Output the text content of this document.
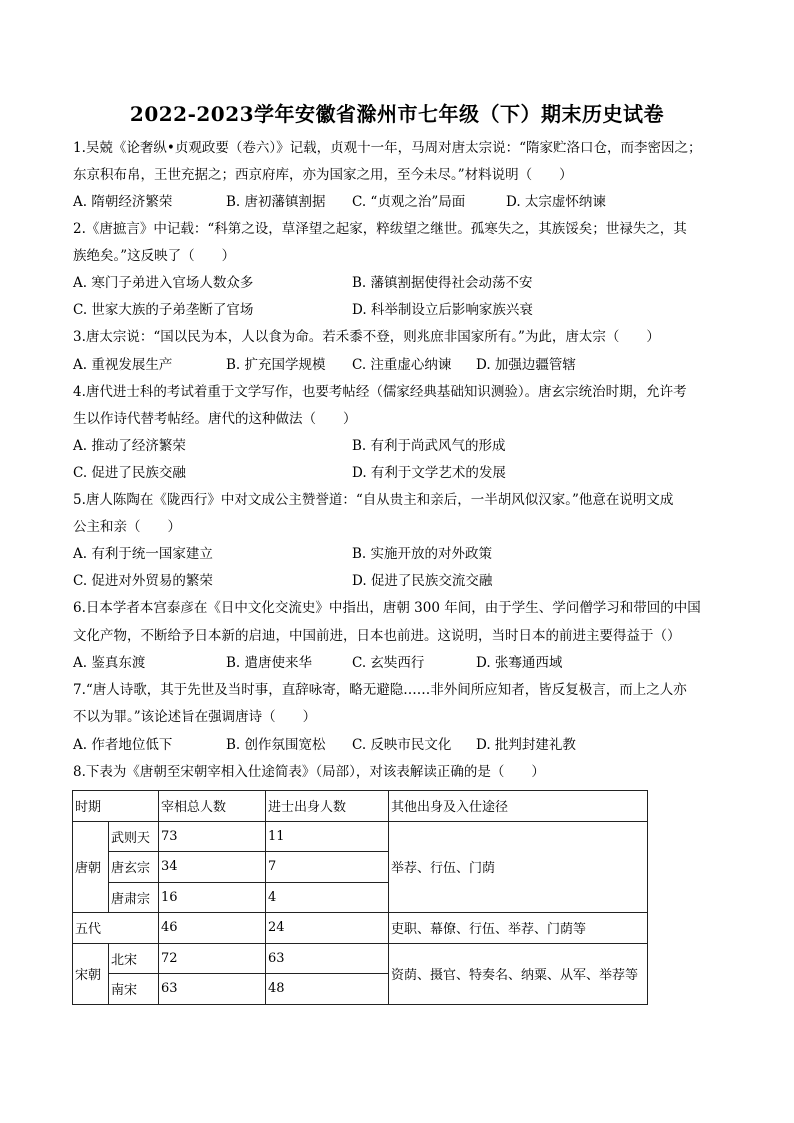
2022-2023学年安徽省滁州市七年级（下）期末历史试卷
1.吴兢《论奢纵•贞观政要（卷六）》记载，贞观十一年，马周对唐太宗说：“隋家贮洛口仓，而李密因之；
东京积布帛，王世充据之；西京府库，亦为国家之用，至今未尽。”材料说明（　　）
A. 隋朝经济繁荣	B. 唐初藩镇割据 C. “贞观之治”局面	D. 太宗虚怀纳谏
2.《唐摭言》中记载：“科第之设，草泽望之起家，粹绂望之继世。孤寒失之，其族馁矣；世禄失之，其
族绝矣。”这反映了（　　）
A. 寒门子弟进入官场人数众多	B. 藩镇割据使得社会动荡不安
C. 世家大族的子弟垄断了官场	D. 科举制设立后影响家族兴衰
3.唐太宗说：“国以民为本，人以食为命。若禾黍不登，则兆庶非国家所有。”为此，唐太宗（　　）
A. 重视发展生产	B. 扩充国学规模 C. 注重虚心纳谏 D. 加强边疆管辖
4.唐代进士科的考试着重于文学写作，也要考帖经（儒家经典基础知识测验）。唐玄宗统治时期，允许考
生以作诗代替考帖经。唐代的这种做法（　　）
A. 推动了经济繁荣	B. 有利于尚武风气的形成
C. 促进了民族交融	D. 有利于文学艺术的发展
5.唐人陈陶在《陇西行》中对文成公主赞誉道：“自从贵主和亲后，一半胡风似汉家。”他意在说明文成
公主和亲（　　）
A. 有利于统一国家建立	B. 实施开放的对外政策
C. 促进对外贸易的繁荣	D. 促进了民族交流交融
6.日本学者本宫泰彦在《日中文化交流史》中指出，唐朝 300 年间，由于学生、学问僧学习和带回的中国
文化产物，不断给予日本新的启迪，中国前进，日本也前进。这说明，当时日本的前进主要得益于（）
A. 鉴真东渡	B. 遣唐使来华	C. 玄奘西行	D. 张骞通西域
7.“唐人诗歌，其于先世及当时事，直辞咏寄，略无避隐……非外间所应知者，皆反复极言，而上之人亦
不以为罪。”该论述旨在强调唐诗（　　）
A. 作者地位低下	B. 创作氛围宽松 C. 反映市民文化 D. 批判封建礼教
8.下表为《唐朝至宋朝宰相入仕途简表》（局部），对该表解读正确的是（　　）
时期		宰相总人数	进士出身人数	其他出身及入仕途径
唐朝	武则天	73	11	举荐、行伍、门荫
	唐玄宗	34	7	
	唐肃宗	16	4	
五代		46	24	吏职、幕僚、行伍、举荐、门荫等
宋朝	北宋	72	63	资荫、摄官、特奏名、纳粟、从军、举荐等
	南宋	63	48	
